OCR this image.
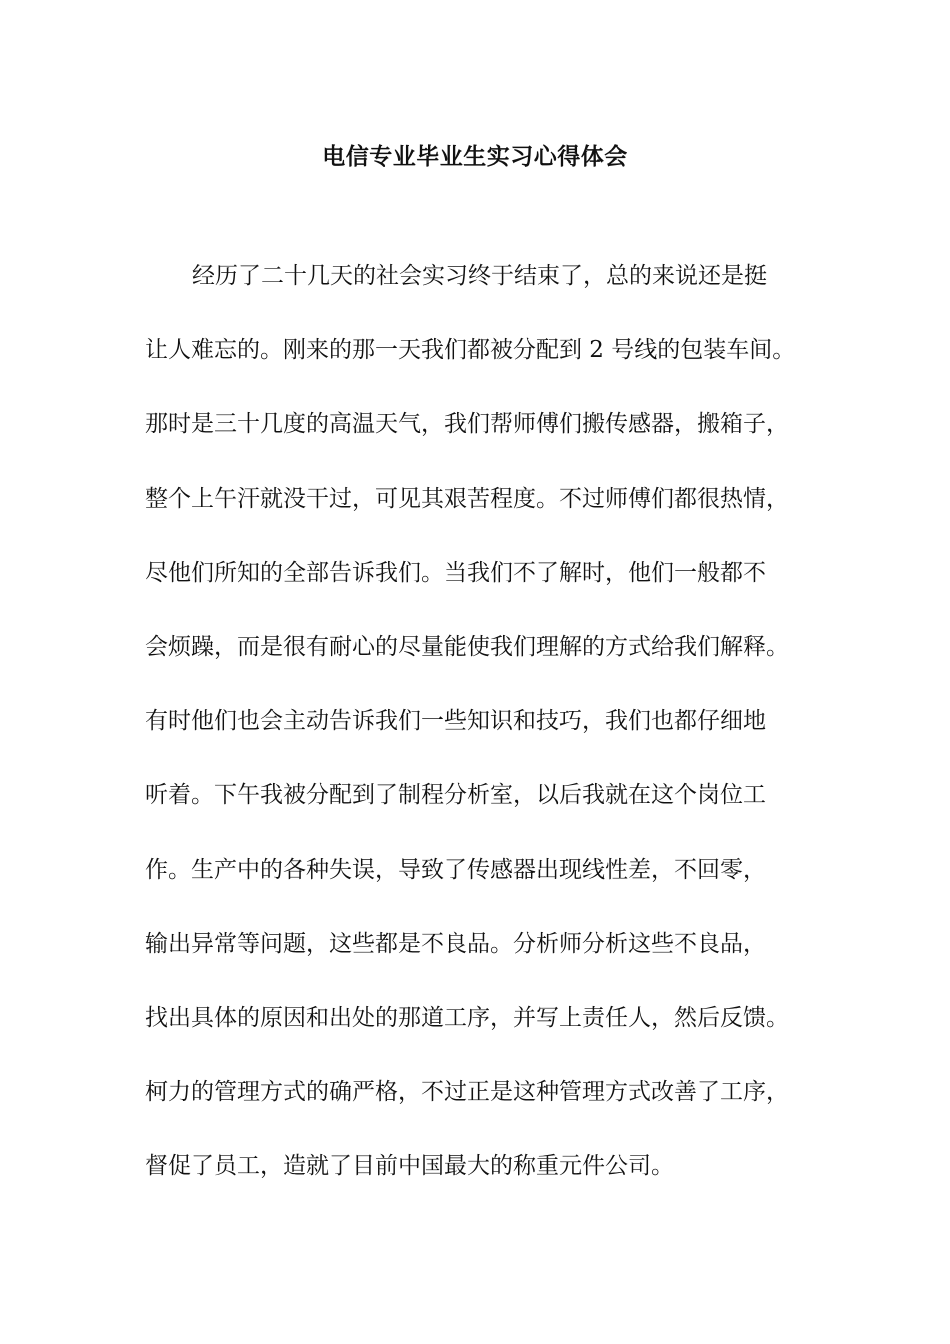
电信专业毕业生实习心得体会
经历了二十几天的社会实习终于结束了，总的来说还是挺
让人难忘的。刚来的那一天我们都被分配到 2 号线的包装车间。
那时是三十几度的高温天气，我们帮师傅们搬传感器，搬箱子，
整个上午汗就没干过，可见其艰苦程度。不过师傅们都很热情，
尽他们所知的全部告诉我们。当我们不了解时，他们一般都不
会烦躁，而是很有耐心的尽量能使我们理解的方式给我们解释。
有时他们也会主动告诉我们一些知识和技巧，我们也都仔细地
听着。下午我被分配到了制程分析室，以后我就在这个岗位工
作。生产中的各种失误，导致了传感器出现线性差，不回零，
输出异常等问题，这些都是不良品。分析师分析这些不良品，
找出具体的原因和出处的那道工序，并写上责任人，然后反馈。
柯力的管理方式的确严格，不过正是这种管理方式改善了工序，
督促了员工，造就了目前中国最大的称重元件公司。
